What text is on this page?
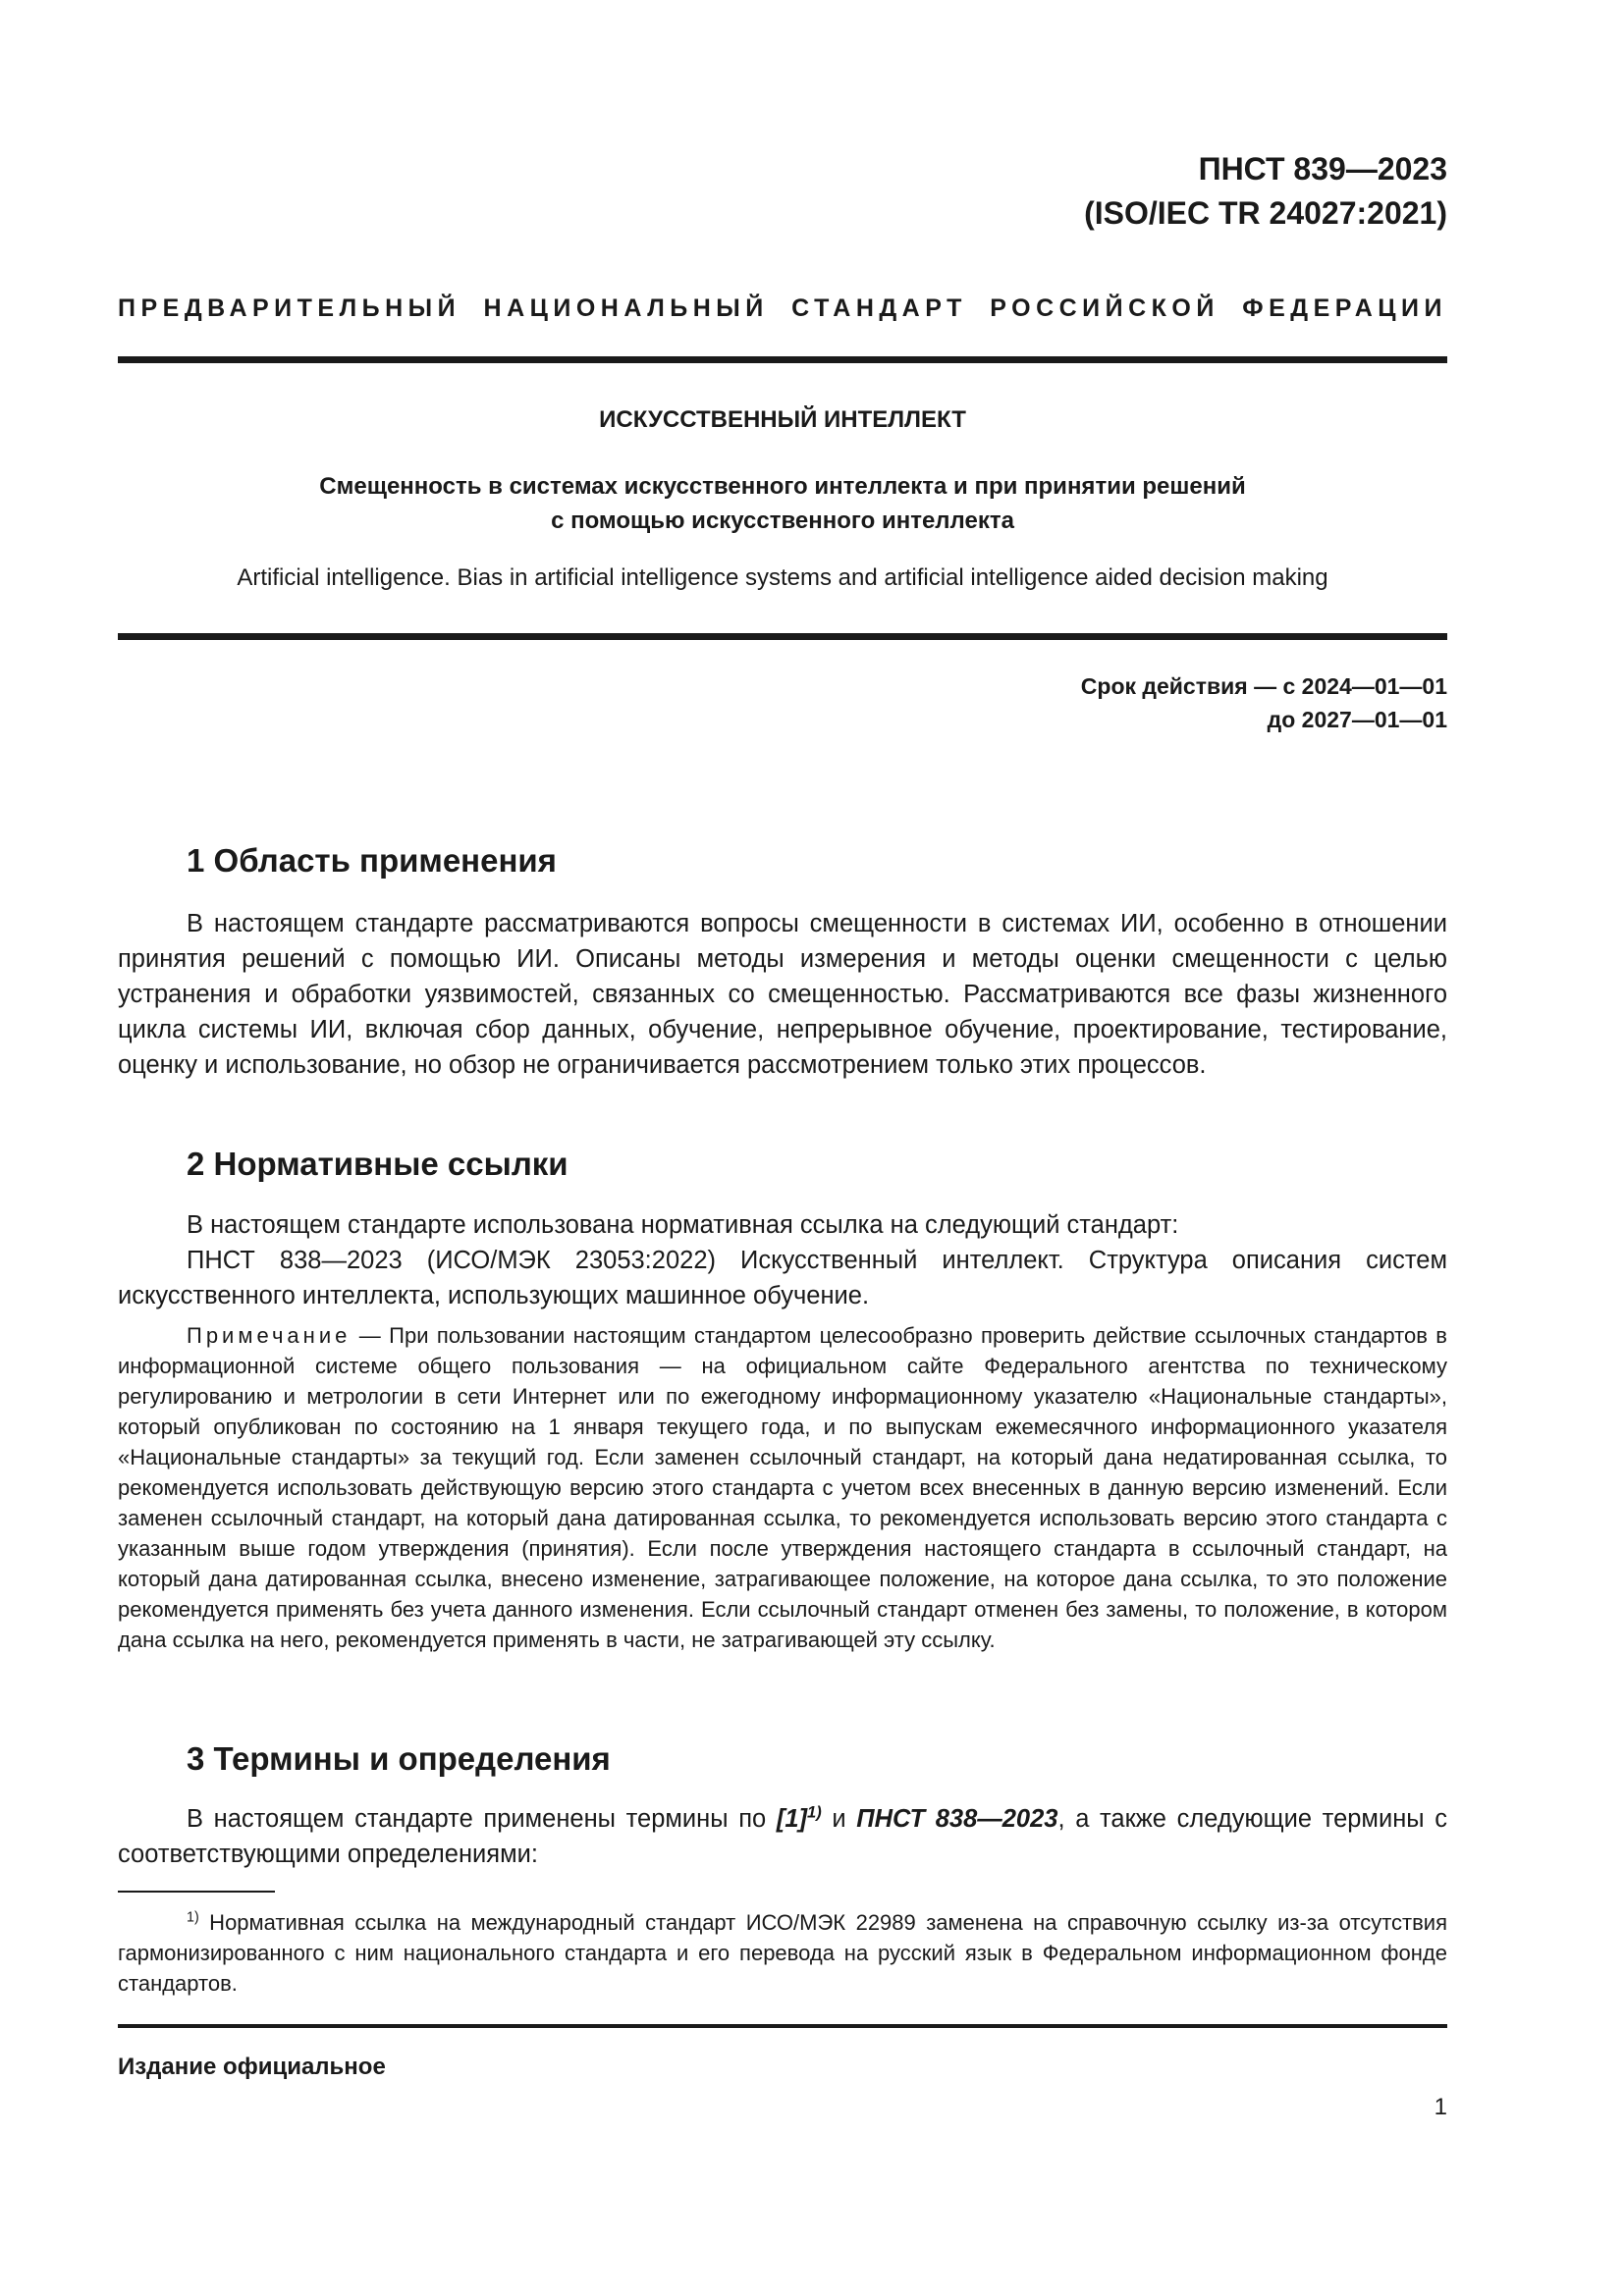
ПНСТ 839—2023
(ISO/IEC TR 24027:2021)
ПРЕДВАРИТЕЛЬНЫЙ НАЦИОНАЛЬНЫЙ СТАНДАРТ РОССИЙСКОЙ ФЕДЕРАЦИИ
ИСКУССТВЕННЫЙ ИНТЕЛЛЕКТ
Смещенность в системах искусственного интеллекта и при принятии решений
с помощью искусственного интеллекта
Artificial intelligence. Bias in artificial intelligence systems and artificial intelligence aided decision making
Срок действия — с 2024—01—01
до 2027—01—01
1 Область применения

В настоящем стандарте рассматриваются вопросы смещенности в системах ИИ, особенно в отношении принятия решений с помощью ИИ. Описаны методы измерения и методы оценки смещенности с целью устранения и обработки уязвимостей, связанных со смещенностью. Рассматриваются все фазы жизненного цикла системы ИИ, включая сбор данных, обучение, непрерывное обучение, проектирование, тестирование, оценку и использование, но обзор не ограничивается рассмотрением только этих процессов.

2 Нормативные ссылки

В настоящем стандарте использована нормативная ссылка на следующий стандарт:

ПНСТ 838—2023 (ИСО/МЭК 23053:2022) Искусственный интеллект. Структура описания систем искусственного интеллекта, использующих машинное обучение.

Примечание — При пользовании настоящим стандартом целесообразно проверить действие ссылочных стандартов в информационной системе общего пользования — на официальном сайте Федерального агентства по техническому регулированию и метрологии в сети Интернет или по ежегодному информационному указателю «Национальные стандарты», который опубликован по состоянию на 1 января текущего года, и по выпускам ежемесячного информационного указателя «Национальные стандарты» за текущий год. Если заменен ссылочный стандарт, на который дана недатированная ссылка, то рекомендуется использовать действующую версию этого стандарта с учетом всех внесенных в данную версию изменений. Если заменен ссылочный стандарт, на который дана датированная ссылка, то рекомендуется использовать версию этого стандарта с указанным выше годом утверждения (принятия). Если после утверждения настоящего стандарта в ссылочный стандарт, на который дана датированная ссылка, внесено изменение, затрагивающее положение, на которое дана ссылка, то это положение рекомендуется применять без учета данного изменения. Если ссылочный стандарт отменен без замены, то положение, в котором дана ссылка на него, рекомендуется применять в части, не затрагивающей эту ссылку.

3 Термины и определения

В настоящем стандарте применены термины по $[1]^{1)}$ и ПНСТ 838—2023, а также следующие термины с соответствующими определениями:

$^{1)}$ Нормативная ссылка на международный стандарт ИСО/МЭК 22989 заменена на справочную ссылку из-за отсутствия гармонизированного с ним национального стандарта и его перевода на русский язык в Федеральном информационном фонде стандартов.

Издание официальное
1
